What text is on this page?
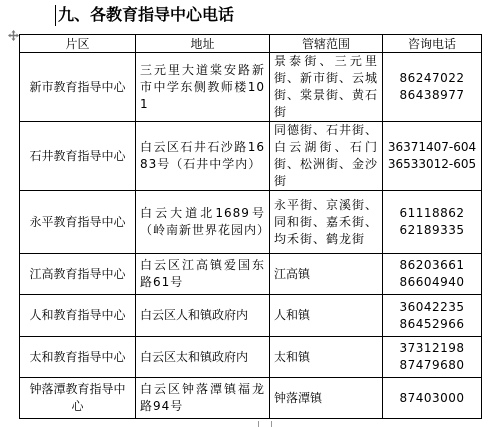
九、各教育指导中心电话
片区	地址	管辖范围	咨询电话
新市教育指导中心	三元里大道棠安路新市中学东侧教师楼101	景泰街、三元里街、新市街、云城街、棠景街、黄石街	86247022
86438977

石井教育指导中心	白云区石井石沙路1683号（石井中学内）	同德街、石井街、白云湖街、石门街、松洲街、金沙街	36371407-604
36533012-605

永平教育指导中心	白云大道北1689号（岭南新世界花园内）	永平街、京溪街、同和街、嘉禾街、均禾街、鹤龙街	61118862
62189335

江高教育指导中心	白云区江高镇爱国东路61号	江高镇	86203661
86604940

人和教育指导中心	白云区人和镇政府内	人和镇	36042235
86452966

太和教育指导中心	白云区太和镇政府内	太和镇	37312198
87479680

钟落潭教育指导中心	白云区钟落潭镇福龙路94号	钟落潭镇	87403000
